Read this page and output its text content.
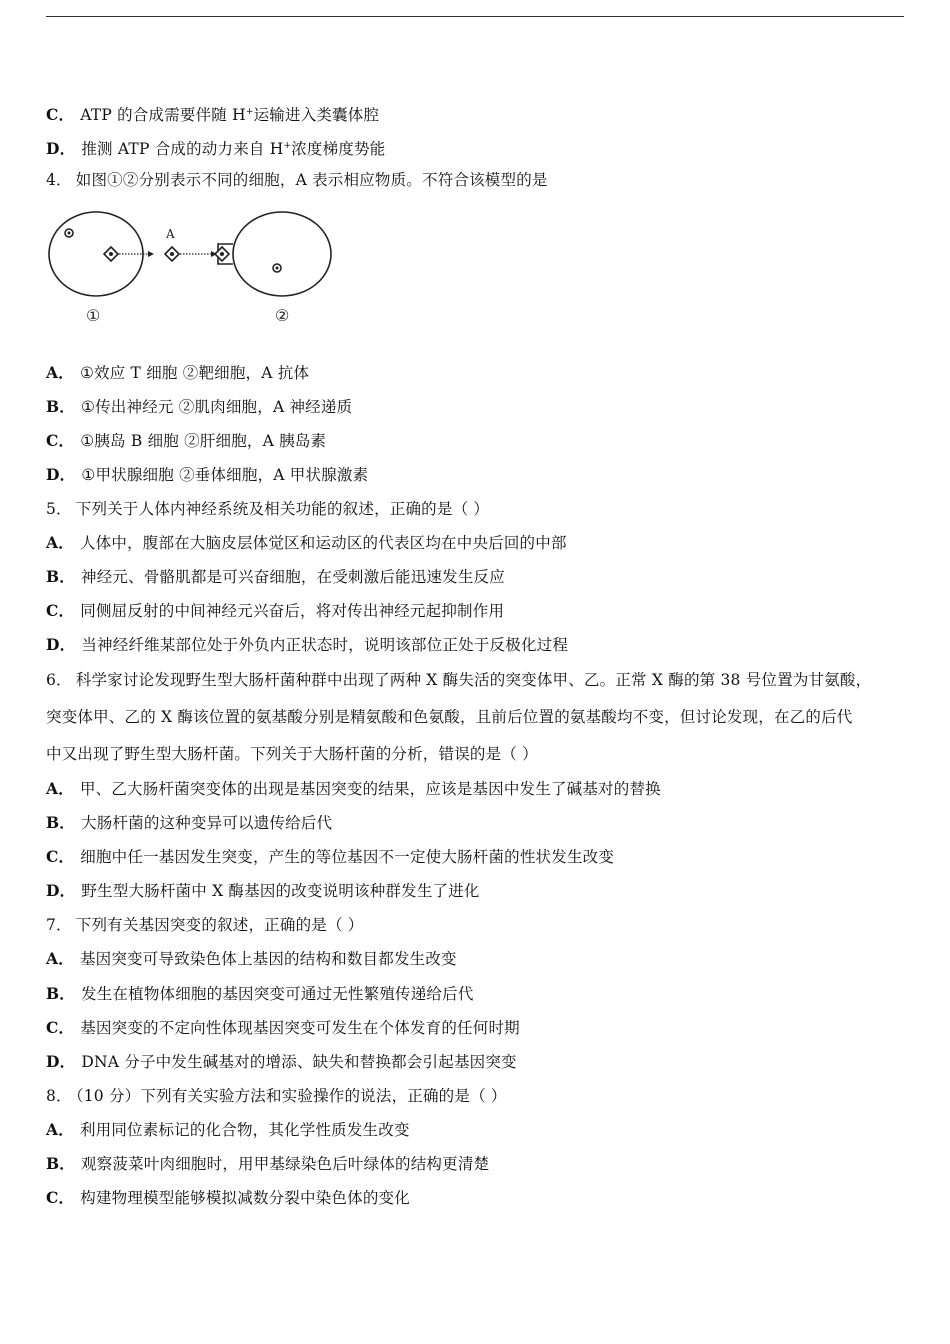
C． ATP 的合成需要伴随 H+运输进入类囊体腔
D． 推测 ATP 合成的动力来自 H+浓度梯度势能
4． 如图①②分别表示不同的细胞，A 表示相应物质。不符合该模型的是
A
①	②
A． ①效应 T 细胞 ②靶细胞，A 抗体
B． ①传出神经元 ②肌肉细胞，A 神经递质
C． ①胰岛 B 细胞 ②肝细胞，A 胰岛素
D． ①甲状腺细胞 ②垂体细胞，A 甲状腺激素
5． 下列关于人体内神经系统及相关功能的叙述，正确的是（ ）
A． 人体中，腹部在大脑皮层体觉区和运动区的代表区均在中央后回的中部
B． 神经元、骨骼肌都是可兴奋细胞，在受刺激后能迅速发生反应
C． 同侧屈反射的中间神经元兴奋后，将对传出神经元起抑制作用
D． 当神经纤维某部位处于外负内正状态时，说明该部位正处于反极化过程
6． 科学家讨论发现野生型大肠杆菌种群中出现了两种 X 酶失活的突变体甲、乙。正常 X 酶的第 38 号位置为甘氨酸，
突变体甲、乙的 X 酶该位置的氨基酸分别是精氨酸和色氨酸，且前后位置的氨基酸均不变，但讨论发现，在乙的后代
中又出现了野生型大肠杆菌。下列关于大肠杆菌的分析，错误的是（ ）
A． 甲、乙大肠杆菌突变体的出现是基因突变的结果，应该是基因中发生了碱基对的替换
B． 大肠杆菌的这种变异可以遗传给后代
C． 细胞中任一基因发生突变，产生的等位基因不一定使大肠杆菌的性状发生改变
D． 野生型大肠杆菌中 X 酶基因的改变说明该种群发生了进化
7． 下列有关基因突变的叙述，正确的是（ ）
A． 基因突变可导致染色体上基因的结构和数目都发生改变
B． 发生在植物体细胞的基因突变可通过无性繁殖传递给后代
C． 基因突变的不定向性体现基因突变可发生在个体发育的任何时期
D． DNA 分子中发生碱基对的增添、缺失和替换都会引起基因突变
8． （10 分）下列有关实验方法和实验操作的说法，正确的是（ ）
A． 利用同位素标记的化合物，其化学性质发生改变
B． 观察菠菜叶肉细胞时，用甲基绿染色后叶绿体的结构更清楚
C． 构建物理模型能够模拟减数分裂中染色体的变化
